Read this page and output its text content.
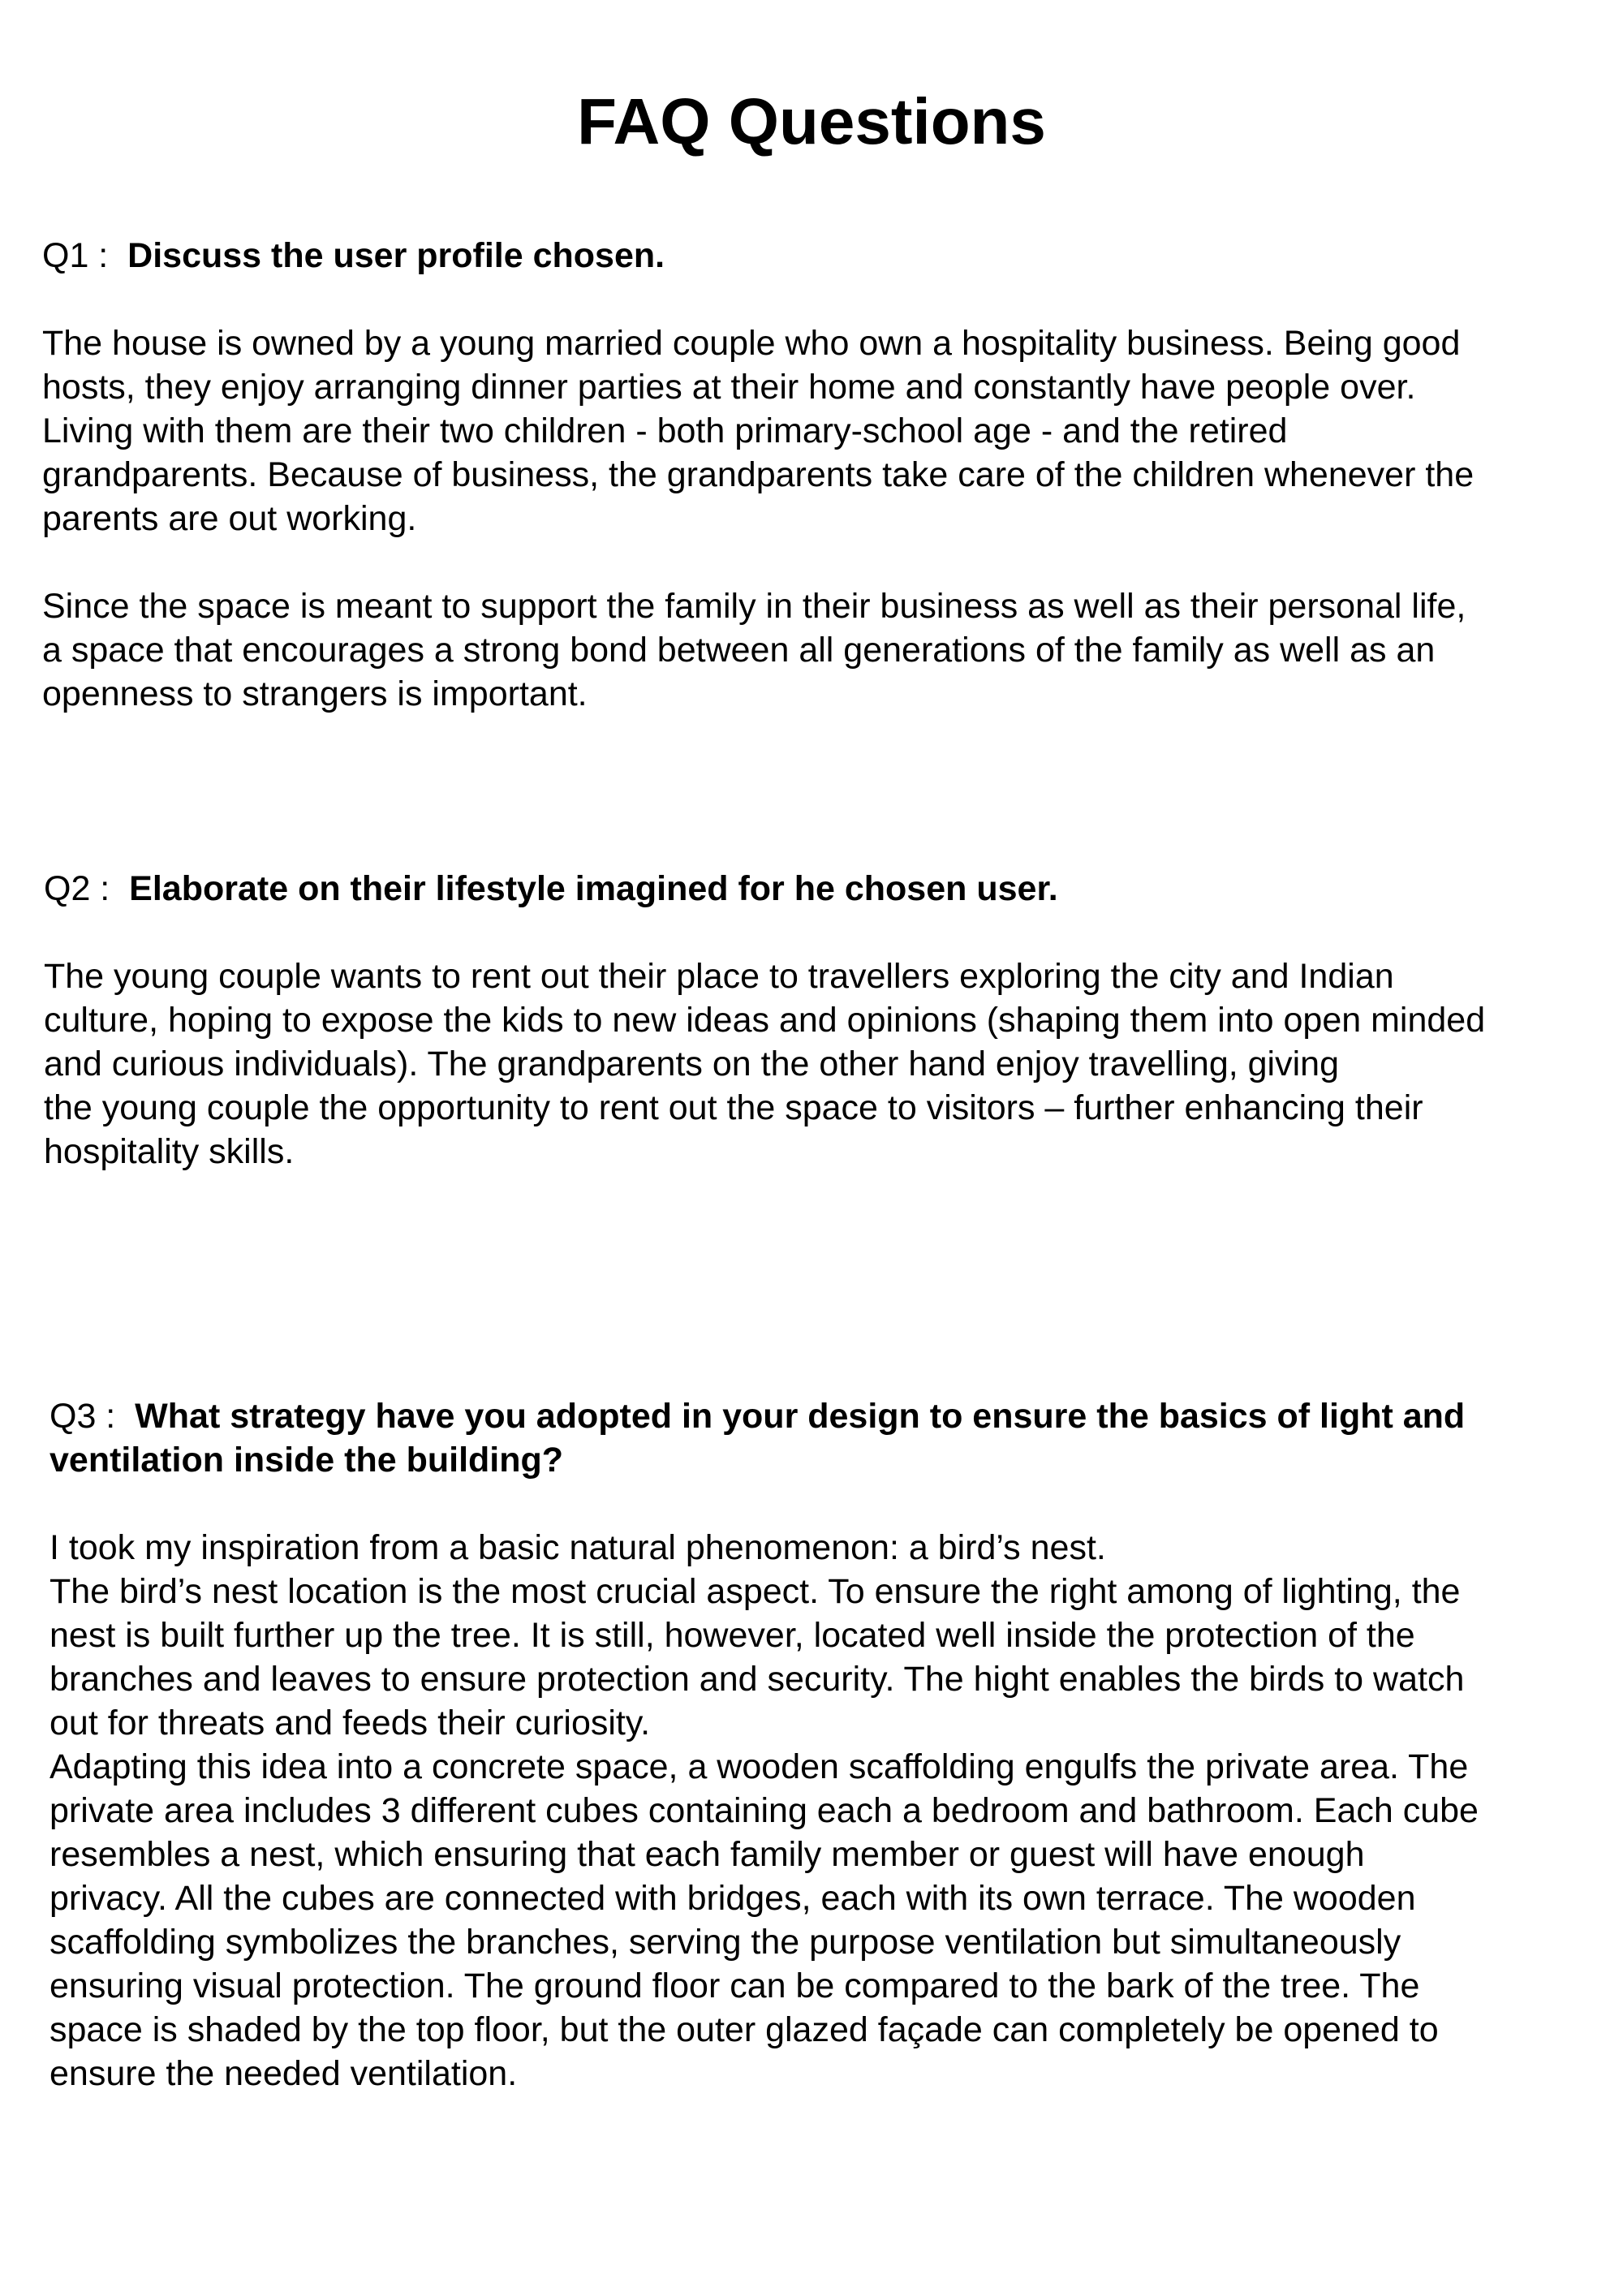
FAQ Questions

Q1 : Discuss the user profile chosen.

The house is owned by a young married couple who own a hospitality business. Being good
hosts, they enjoy arranging dinner parties at their home and constantly have people over.
Living with them are their two children - both primary-school age - and the retired
grandparents. Because of business, the grandparents take care of the children whenever the
parents are out working.
Since the space is meant to support the family in their business as well as their personal life,
a space that encourages a strong bond between all generations of the family as well as an
openness to strangers is important.

Q2 : Elaborate on their lifestyle imagined for he chosen user.

The young couple wants to rent out their place to travellers exploring the city and Indian
culture, hoping to expose the kids to new ideas and opinions (shaping them into open minded
and curious individuals). The grandparents on the other hand enjoy travelling, giving
the young couple the opportunity to rent out the space to visitors – further enhancing their
hospitality skills.

Q3 : What strategy have you adopted in your design to ensure the basics of light and
ventilation inside the building?

I took my inspiration from a basic natural phenomenon: a bird’s nest.
The bird’s nest location is the most crucial aspect. To ensure the right among of lighting, the
nest is built further up the tree. It is still, however, located well inside the protection of the
branches and leaves to ensure protection and security. The hight enables the birds to watch
out for threats and feeds their curiosity.
Adapting this idea into a concrete space, a wooden scaffolding engulfs the private area. The
private area includes 3 different cubes containing each a bedroom and bathroom. Each cube
resembles a nest, which ensuring that each family member or guest will have enough
privacy. All the cubes are connected with bridges, each with its own terrace. The wooden
scaffolding symbolizes the branches, serving the purpose ventilation but simultaneously
ensuring visual protection. The ground floor can be compared to the bark of the tree. The
space is shaded by the top floor, but the outer glazed façade can completely be opened to
ensure the needed ventilation.
